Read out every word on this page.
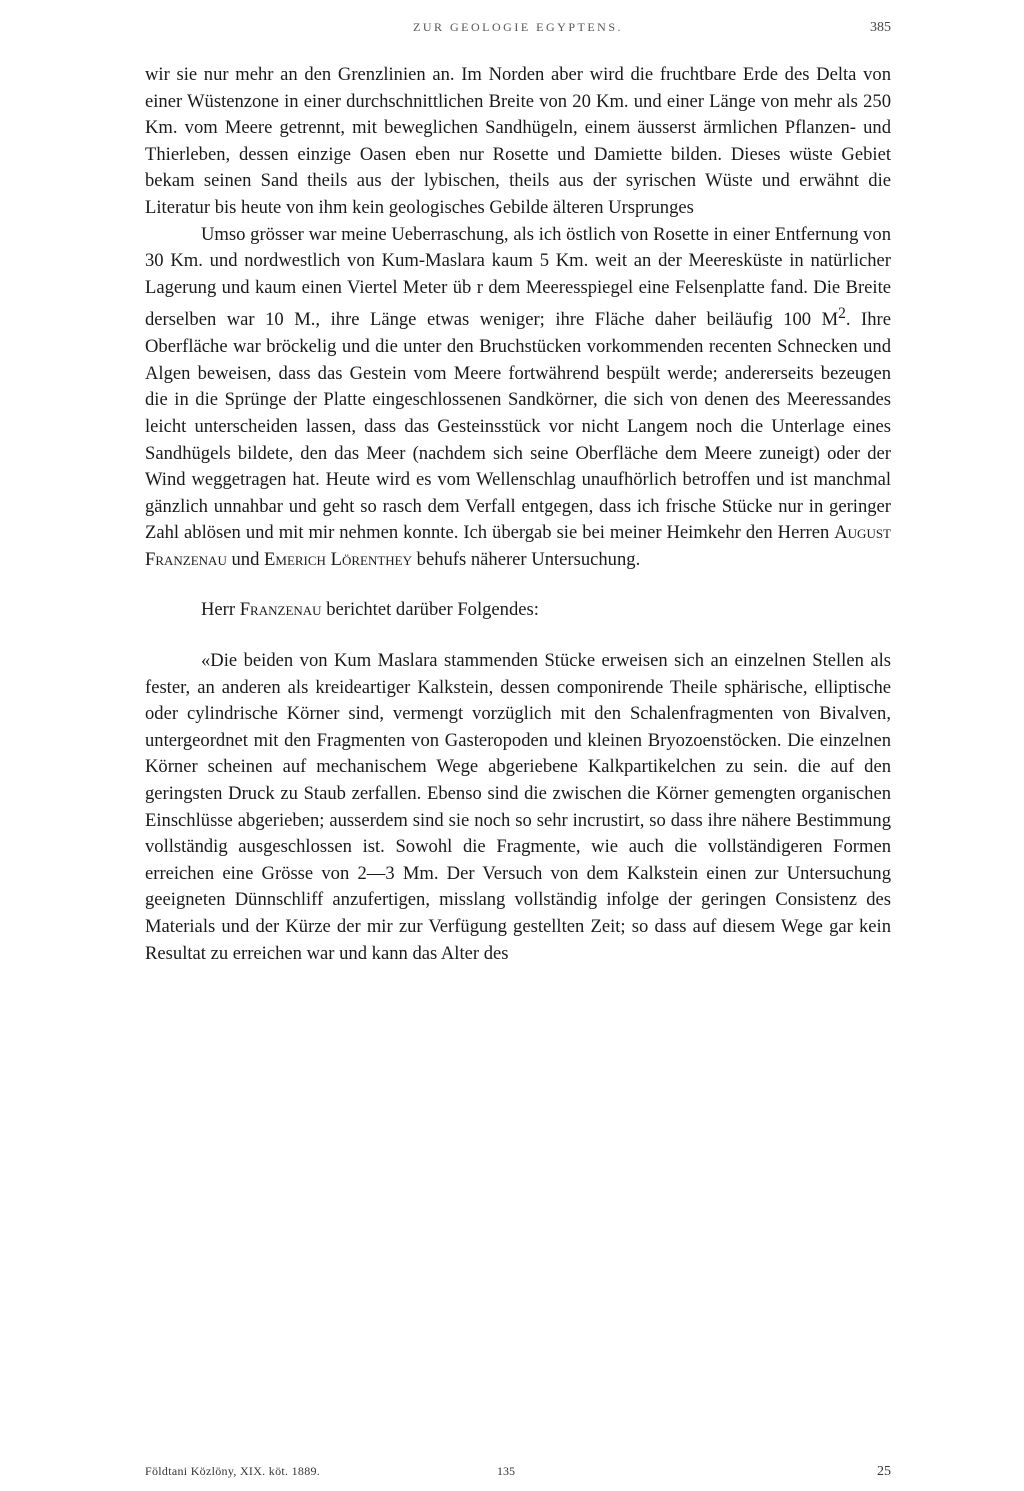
ZUR GEOLOGIE EGYPTENS.	385

wir sie nur mehr an den Grenzlinien an. Im Norden aber wird die fruchtbare Erde des Delta von einer Wüstenzone in einer durchschnittlichen Breite von 20 Km. und einer Länge von mehr als 250 Km. vom Meere getrennt, mit beweglichen Sandhügeln, einem äusserst ärmlichen Pflanzen- und Thierleben, dessen einzige Oasen eben nur Rosette und Damiette bilden. Dieses wüste Gebiet bekam seinen Sand theils aus der lybischen, theils aus der syrischen Wüste und erwähnt die Literatur bis heute von ihm kein geologisches Gebilde älteren Ursprunges

Umso grösser war meine Ueberraschung, als ich östlich von Rosette in einer Entfernung von 30 Km. und nordwestlich von Kum-Maslara kaum 5 Km. weit an der Meeresküste in natürlicher Lagerung und kaum einen Viertel Meter üb r dem Meeresspiegel eine Felsenplatte fand. Die Breite derselben war 10 M., ihre Länge etwas weniger; ihre Fläche daher beiläufig 100 $M^2$. Ihre Oberfläche war bröckelig und die unter den Bruchstücken vorkommenden recenten Schnecken und Algen beweisen, dass das Gestein vom Meere fortwährend bespült werde; andererseits bezeugen die in die Sprünge der Platte eingeschlossenen Sandkörner, die sich von denen des Meeressandes leicht unterscheiden lassen, dass das Gesteinsstück vor nicht Langem noch die Unterlage eines Sandhügels bildete, den das Meer (nachdem sich seine Oberfläche dem Meere zuneigt) oder der Wind weggetragen hat. Heute wird es vom Wellenschlag unaufhörlich betroffen und ist manchmal gänzlich unnahbar und geht so rasch dem Verfall entgegen, dass ich frische Stücke nur in geringer Zahl ablösen und mit mir nehmen konnte. Ich übergab sie bei meiner Heimkehr den Herren August Franzenau und Emerich Lörenthey behufs näherer Untersuchung.

Herr Franzenau berichtet darüber Folgendes:

«Die beiden von Kum Maslara stammenden Stücke erweisen sich an einzelnen Stellen als fester, an anderen als kreideartiger Kalkstein, dessen componirende Theile sphärische, elliptische oder cylindrische Körner sind, vermengt vorzüglich mit den Schalenfragmenten von Bivalven, untergeordnet mit den Fragmenten von Gasteropoden und kleinen Bryozoenstöcken. Die einzelnen Körner scheinen auf mechanischem Wege abgeriebene Kalkpartikelchen zu sein. die auf den geringsten Druck zu Staub zerfallen. Ebenso sind die zwischen die Körner gemengten organischen Einschlüsse abgerieben; ausserdem sind sie noch so sehr incrustirt, so dass ihre nähere Bestimmung vollständig ausgeschlossen ist. Sowohl die Fragmente, wie auch die vollständigeren Formen erreichen eine Grösse von 2—3 Mm. Der Versuch von dem Kalkstein einen zur Untersuchung geeigneten Dünnschliff anzufertigen, misslang vollständig infolge der geringen Consistenz des Materials und der Kürze der mir zur Verfügung gestellten Zeit; so dass auf diesem Wege gar kein Resultat zu erreichen war und kann das Alter des

Földtani Közlöny, XIX. köt. 1889.	135	25
